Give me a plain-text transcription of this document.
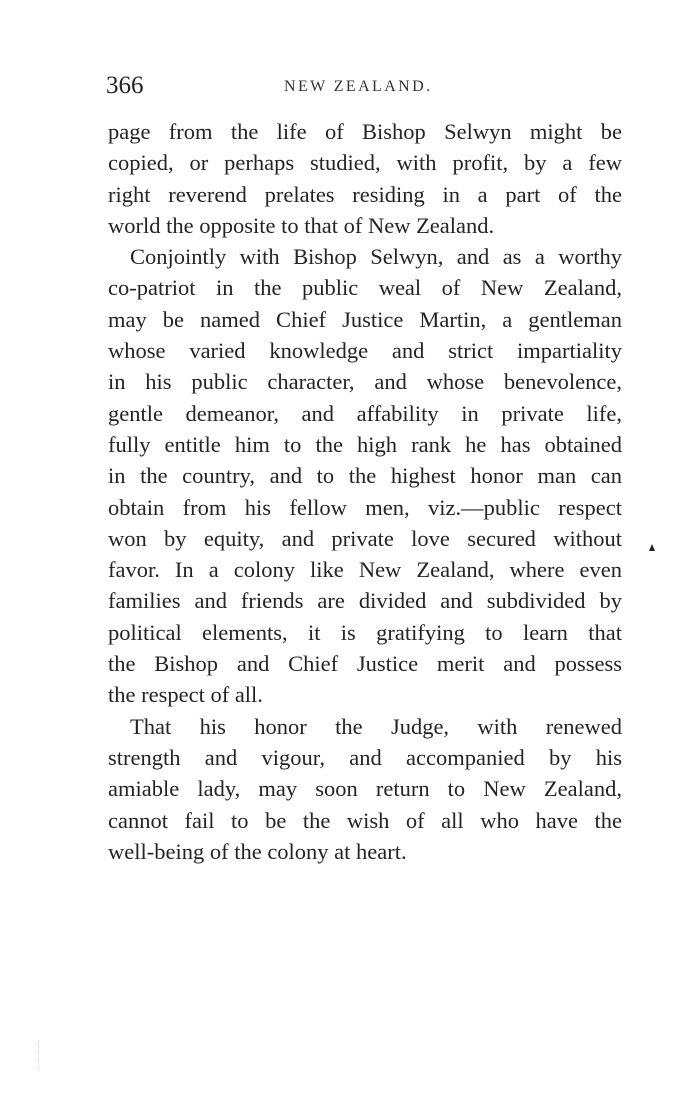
366	NEW ZEALAND.
page from the life of Bishop Selwyn might be
copied, or perhaps studied, with profit, by a few
right reverend prelates residing in a part of the
world the opposite to that of New Zealand.
Conjointly with Bishop Selwyn, and as a worthy
co-patriot in the public weal of New Zealand,
may be named Chief Justice Martin, a gentleman
whose varied knowledge and strict impartiality
in his public character, and whose benevolence,
gentle demeanor, and affability in private life,
fully entitle him to the high rank he has obtained
in the country, and to the highest honor man can
obtain from his fellow men, viz.—public respect
won by equity, and private love secured without
favor. In a colony like New Zealand, where even
families and friends are divided and subdivided by
political elements, it is gratifying to learn that
the Bishop and Chief Justice merit and possess
the respect of all.
That his honor the Judge, with renewed
strength and vigour, and accompanied by his
amiable lady, may soon return to New Zealand,
cannot fail to be the wish of all who have the
well-being of the colony at heart.
